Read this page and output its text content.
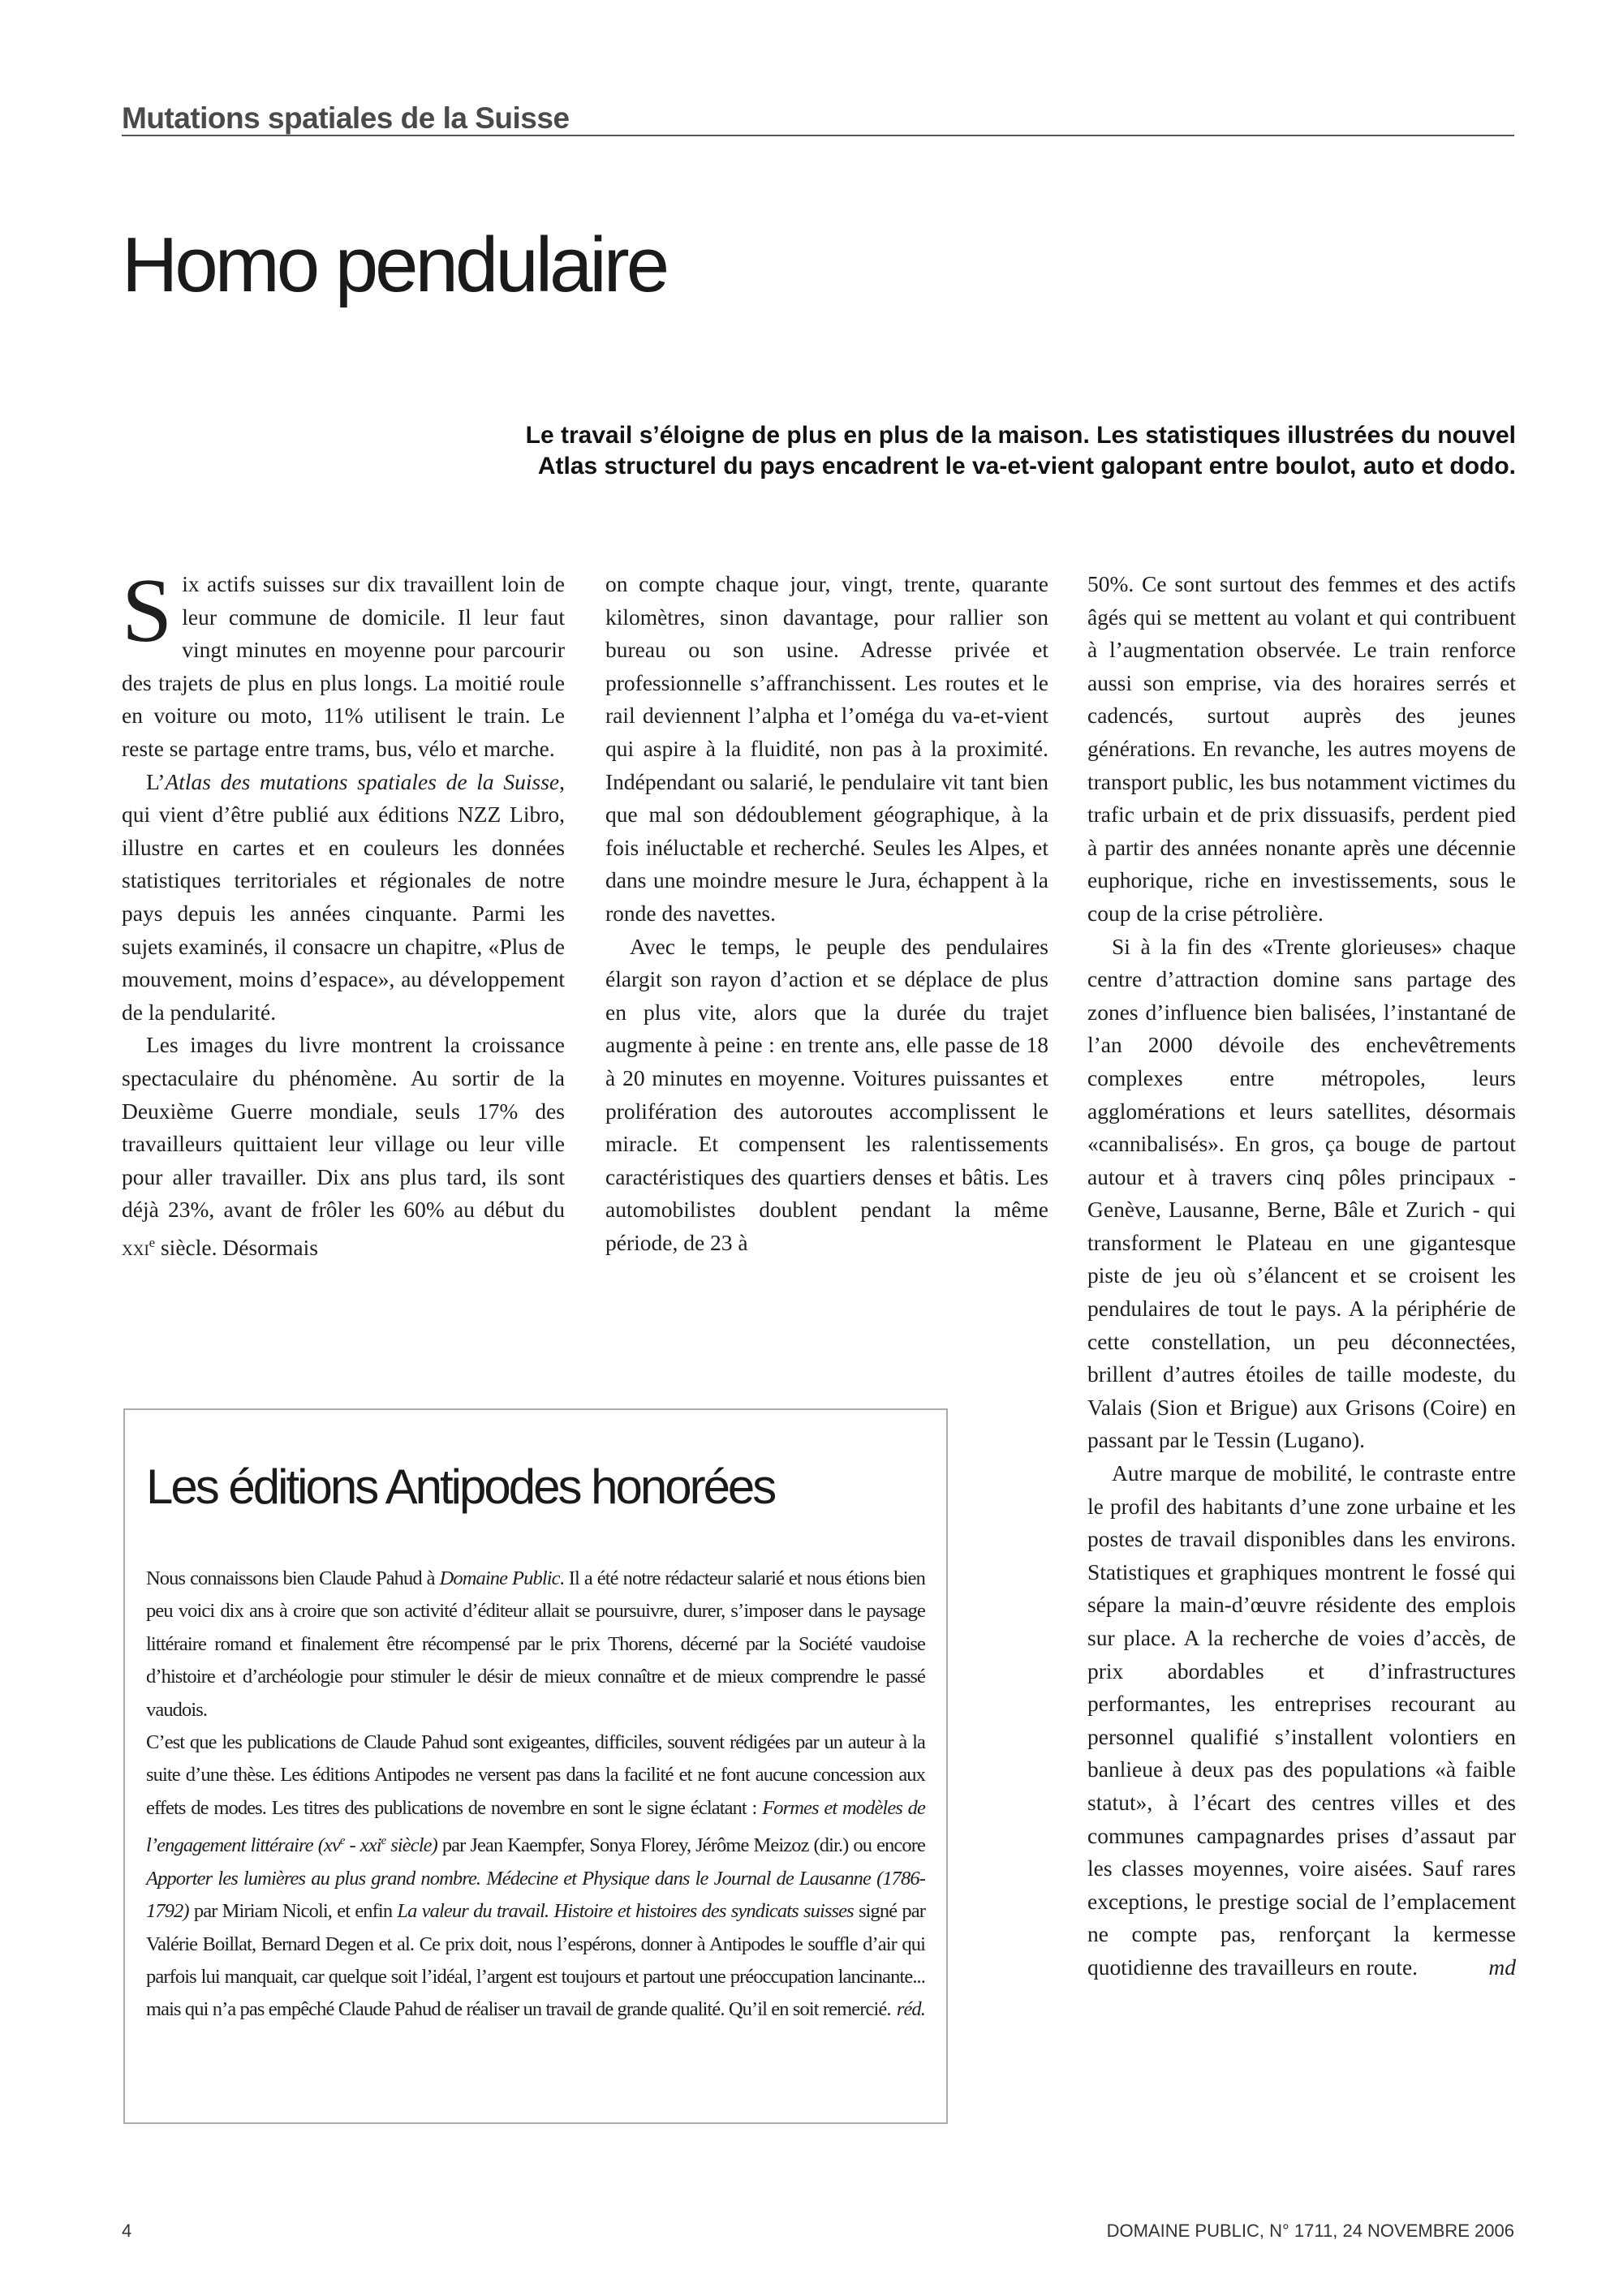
Mutations spatiales de la Suisse
Homo pendulaire
Le travail s’éloigne de plus en plus de la maison. Les statistiques illustrées du nouvel
Atlas structurel du pays encadrent le va-et-vient galopant entre boulot, auto et dodo.

Six actifs suisses sur dix travaillent loin de leur commune de domicile. Il leur faut vingt minutes en moyenne pour parcourir des trajets de plus en plus longs. La moitié roule en voiture ou moto, 11% utilisent le train. Le reste se partage entre trams, bus, vélo et marche.

L’Atlas des mutations spatiales de la Suisse, qui vient d’être publié aux éditions NZZ Libro, illustre en cartes et en couleurs les données statistiques territoriales et régionales de notre pays depuis les années cinquante. Parmi les sujets examinés, il consacre un chapitre, «Plus de mouvement, moins d’espace», au développement de la pendularité.

Les images du livre montrent la croissance spectaculaire du phénomène. Au sortir de la Deuxième Guerre mondiale, seuls 17% des travailleurs quittaient leur village ou leur ville pour aller travailler. Dix ans plus tard, ils sont déjà 23%, avant de frôler les 60% au début du xxi$^e$ siècle. Désormais

on compte chaque jour, vingt, trente, quarante kilomètres, sinon davantage, pour rallier son bureau ou son usine. Adresse privée et professionnelle s’affranchissent. Les routes et le rail deviennent l’alpha et l’oméga du va-et-vient qui aspire à la fluidité, non pas à la proximité. Indépendant ou salarié, le pendulaire vit tant bien que mal son dédoublement géographique, à la fois inéluctable et recherché. Seules les Alpes, et dans une moindre mesure le Jura, échappent à la ronde des navettes.

Avec le temps, le peuple des pendulaires élargit son rayon d’action et se déplace de plus en plus vite, alors que la durée du trajet augmente à peine : en trente ans, elle passe de 18 à 20 minutes en moyenne. Voitures puissantes et prolifération des autoroutes accomplissent le miracle. Et compensent les ralentissements caractéristiques des quartiers denses et bâtis. Les automobilistes doublent pendant la même période, de 23 à

50%. Ce sont surtout des femmes et des actifs âgés qui se mettent au volant et qui contribuent à l’augmentation observée. Le train renforce aussi son emprise, via des horaires serrés et cadencés, surtout auprès des jeunes générations. En revanche, les autres moyens de transport public, les bus notamment victimes du trafic urbain et de prix dissuasifs, perdent pied à partir des années nonante après une décennie euphorique, riche en investissements, sous le coup de la crise pétrolière.

Si à la fin des «Trente glorieuses» chaque centre d’attraction domine sans partage des zones d’influence bien balisées, l’instantané de l’an 2000 dévoile des enchevêtrements complexes entre métropoles, leurs agglomérations et leurs satellites, désormais «cannibalisés». En gros, ça bouge de partout autour et à travers cinq pôles principaux - Genève, Lausanne, Berne, Bâle et Zurich - qui transforment le Plateau en une gigantesque piste de jeu où s’élancent et se croisent les pendulaires de tout le pays. A la périphérie de cette constellation, un peu déconnectées, brillent d’autres étoiles de taille modeste, du Valais (Sion et Brigue) aux Grisons (Coire) en passant par le Tessin (Lugano).

Autre marque de mobilité, le contraste entre le profil des habitants d’une zone urbaine et les postes de travail disponibles dans les environs. Statistiques et graphiques montrent le fossé qui sépare la main-d’œuvre résidente des emplois sur place. A la recherche de voies d’accès, de prix abordables et d’infrastructures performantes, les entreprises recourant au personnel qualifié s’installent volontiers en banlieue à deux pas des populations «à faible statut», à l’écart des centres villes et des communes campagnardes prises d’assaut par les classes moyennes, voire aisées. Sauf rares exceptions, le prestige social de l’emplacement ne compte pas, renforçant la kermesse quotidienne des travailleurs en route.	md

Les éditions Antipodes honorées

Nous connaissons bien Claude Pahud à Domaine Public. Il a été notre rédacteur salarié et nous étions bien peu voici dix ans à croire que son activité d’éditeur allait se poursuivre, durer, s’imposer dans le paysage littéraire romand et finalement être récompensé par le prix Thorens, décerné par la Société vaudoise d’histoire et d’archéologie pour stimuler le désir de mieux connaître et de mieux comprendre le passé vaudois.

C’est que les publications de Claude Pahud sont exigeantes, difficiles, souvent rédigées par un auteur à la suite d’une thèse. Les éditions Antipodes ne versent pas dans la facilité et ne font aucune concession aux effets de modes. Les titres des publications de novembre en sont le signe éclatant : Formes et modèles de l’engagement littéraire ($xv^e - xxi^e$ siècle) par Jean Kaempfer, Sonya Florey, Jérôme Meizoz (dir.) ou encore Apporter les lumières au plus grand nombre. Médecine et Physique dans le Journal de Lausanne (1786-1792) par Miriam Nicoli, et enfin La valeur du travail. Histoire et histoires des syndicats suisses signé par Valérie Boillat, Bernard Degen et al. Ce prix doit, nous l’espérons, donner à Antipodes le souffle d’air qui parfois lui manquait, car quelque soit l’idéal, l’argent est toujours et partout une préoccupation lancinante... mais qui n’a pas empêché Claude Pahud de réaliser un travail de grande qualité. Qu’il en soit remercié. réd.

4	DOMAINE PUBLIC, N° 1711, 24 NOVEMBRE 2006
